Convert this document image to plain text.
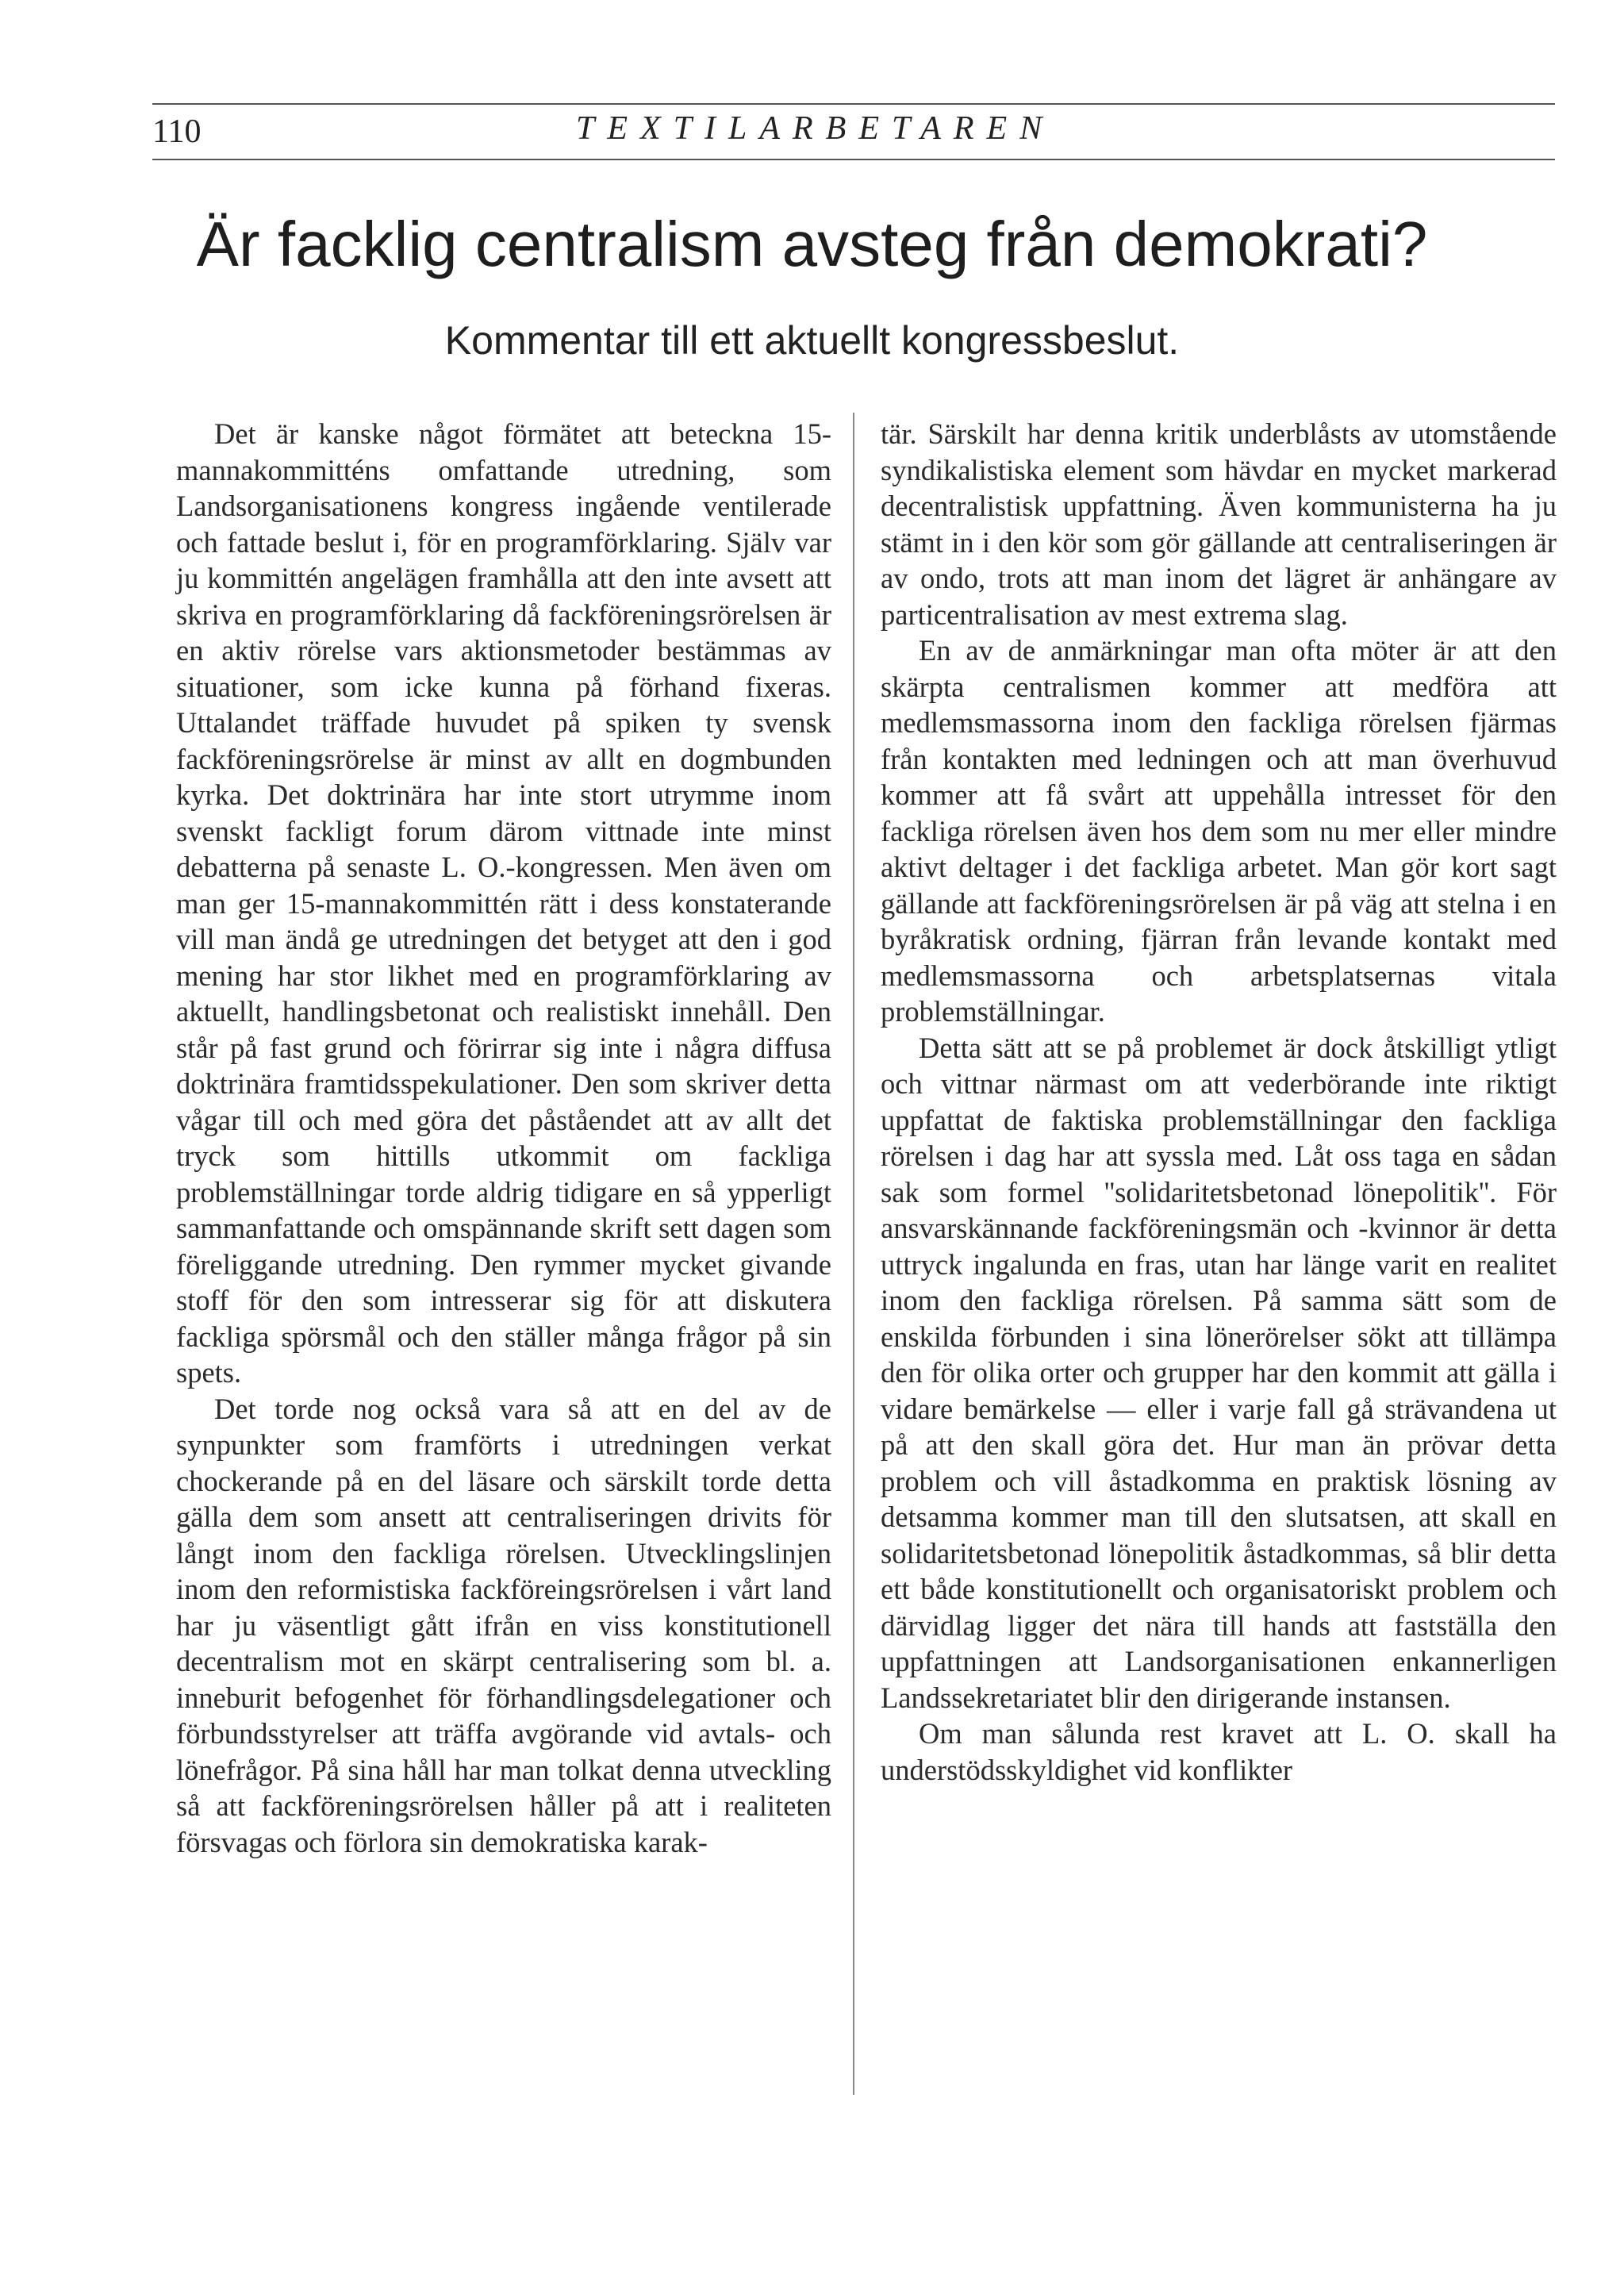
110	TEXTILARBETAREN
Är facklig centralism avsteg från demokrati?
Kommentar till ett aktuellt kongressbeslut.

Det är kanske något förmätet att beteckna 15-mannakommitténs omfattande utredning, som Landsorganisationens kongress ingående ventilerade och fattade beslut i, för en programförklaring. Själv var ju kommittén angelägen framhålla att den inte avsett att skriva en programförklaring då fackföreningsrörelsen är en aktiv rörelse vars aktionsmetoder bestämmas av situationer, som icke kunna på förhand fixeras. Uttalandet träffade huvudet på spiken ty svensk fackföreningsrörelse är minst av allt en dogmbunden kyrka. Det doktrinära har inte stort utrymme inom svenskt fackligt forum därom vittnade inte minst debatterna på senaste L. O.-kongressen. Men även om man ger 15-mannakommittén rätt i dess konstaterande vill man ändå ge utredningen det betyget att den i god mening har stor likhet med en programförklaring av aktuellt, handlingsbetonat och realistiskt innehåll. Den står på fast grund och förirrar sig inte i några diffusa doktrinära framtidsspekulationer. Den som skriver detta vågar till och med göra det påståendet att av allt det tryck som hittills utkommit om fackliga problemställningar torde aldrig tidigare en så ypperligt sammanfattande och omspännande skrift sett dagen som föreliggande utredning. Den rymmer mycket givande stoff för den som intresserar sig för att diskutera fackliga spörsmål och den ställer många frågor på sin spets.

Det torde nog också vara så att en del av de synpunkter som framförts i utredningen verkat chockerande på en del läsare och särskilt torde detta gälla dem som ansett att centraliseringen drivits för långt inom den fackliga rörelsen. Utvecklingslinjen inom den reformistiska fackföreingsrörelsen i vårt land har ju väsentligt gått ifrån en viss konstitutionell decentralism mot en skärpt centralisering som bl. a. inneburit befogenhet för förhandlingsdelegationer och förbundsstyrelser att träffa avgörande vid avtals- och lönefrågor. På sina håll har man tolkat denna utveckling så att fackföreningsrörelsen håller på att i realiteten försvagas och förlora sin demokratiska karak-

tär. Särskilt har denna kritik underblåsts av utomstående syndikalistiska element som hävdar en mycket markerad decentralistisk uppfattning. Även kommunisterna ha ju stämt in i den kör som gör gällande att centraliseringen är av ondo, trots att man inom det lägret är anhängare av particentralisation av mest extrema slag.

En av de anmärkningar man ofta möter är att den skärpta centralismen kommer att medföra att medlemsmassorna inom den fackliga rörelsen fjärmas från kontakten med ledningen och att man överhuvud kommer att få svårt att uppehålla intresset för den fackliga rörelsen även hos dem som nu mer eller mindre aktivt deltager i det fackliga arbetet. Man gör kort sagt gällande att fackföreningsrörelsen är på väg att stelna i en byråkratisk ordning, fjärran från levande kontakt med medlemsmassorna och arbetsplatsernas vitala problemställningar.

Detta sätt att se på problemet är dock åtskilligt ytligt och vittnar närmast om att vederbörande inte riktigt uppfattat de faktiska problemställningar den fackliga rörelsen i dag har att syssla med. Låt oss taga en sådan sak som formel ''solidaritetsbetonad lönepolitik''. För ansvarskännande fackföreningsmän och -kvinnor är detta uttryck ingalunda en fras, utan har länge varit en realitet inom den fackliga rörelsen. På samma sätt som de enskilda förbunden i sina lönerörelser sökt att tillämpa den för olika orter och grupper har den kommit att gälla i vidare bemärkelse — eller i varje fall gå strävandena ut på att den skall göra det. Hur man än prövar detta problem och vill åstadkomma en praktisk lösning av detsamma kommer man till den slutsatsen, att skall en solidaritetsbetonad lönepolitik åstadkommas, så blir detta ett både konstitutionellt och organisatoriskt problem och därvidlag ligger det nära till hands att fastställa den uppfattningen att Landsorganisationen enkannerligen Landssekretariatet blir den dirigerande instansen.

Om man sålunda rest kravet att L. O. skall ha understödsskyldighet vid konflikter
